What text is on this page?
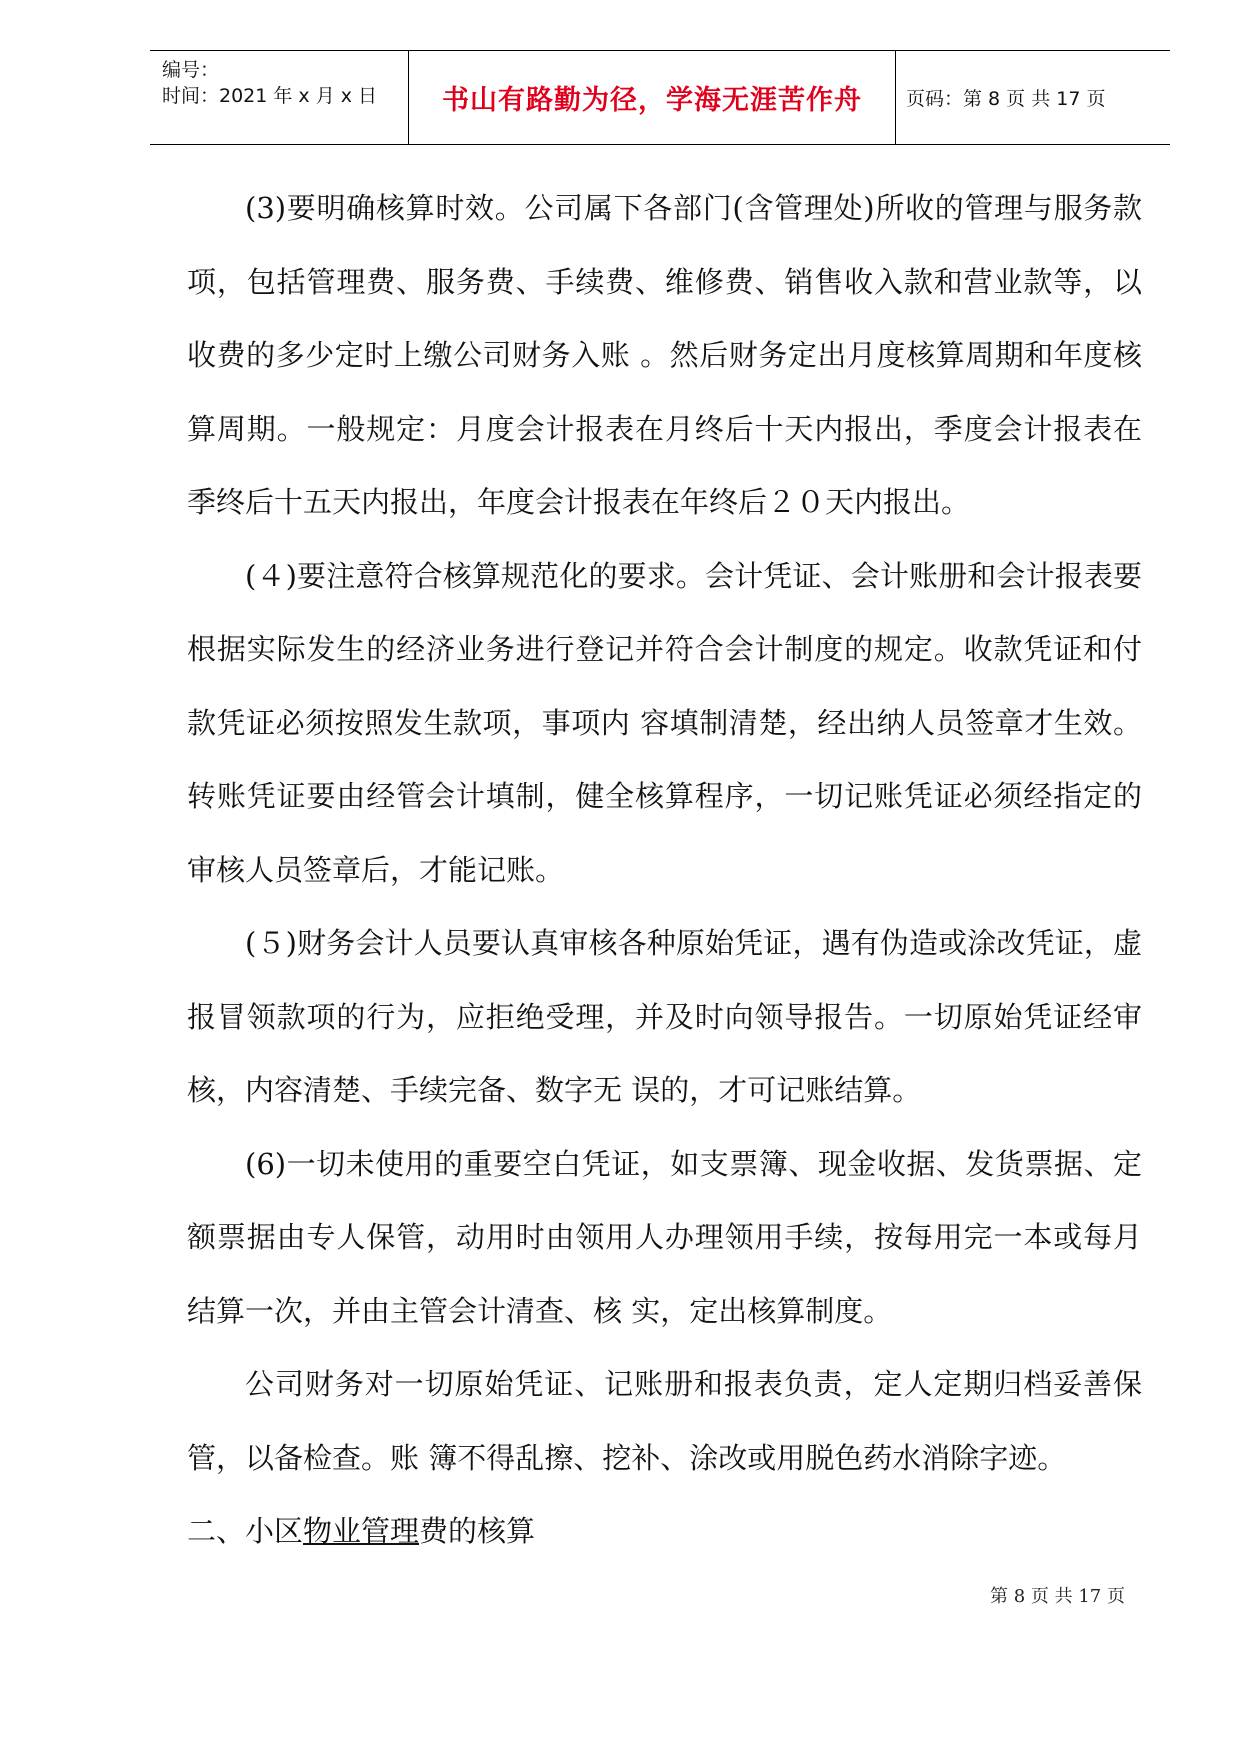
编号：
时间：2021 年 x 月 x 日 书山有路勤为径，学海无涯苦作舟 页码：第 8 页 共 17 页

(3)要明确核算时效。公司属下各部门(含管理处)所收的管理与服务款项，包括管理费、服务费、手续费、维修费、销售收入款和营业款等，以收费的多少定时上缴公司财务入账 。然后财务定出月度核算周期和年度核算周期。一般规定：月度会计报表在月终后十天内报出，季度会计报表在季终后十五天内报出，年度会计报表在年终后２０天内报出。

(４)要注意符合核算规范化的要求。会计凭证、会计账册和会计报表要根据实际发生的经济业务进行登记并符合会计制度的规定。收款凭证和付款凭证必须按照发生款项，事项内 容填制清楚，经出纳人员签章才生效。转账凭证要由经管会计填制，健全核算程序，一切记账凭证必须经指定的审核人员签章后，才能记账。

(５)财务会计人员要认真审核各种原始凭证，遇有伪造或涂改凭证，虚报冒领款项的行为，应拒绝受理，并及时向领导报告。一切原始凭证经审核，内容清楚、手续完备、数字无 误的，才可记账结算。

(6)一切未使用的重要空白凭证，如支票簿、现金收据、发货票据、定额票据由专人保管，动用时由领用人办理领用手续，按每用完一本或每月结算一次，并由主管会计清查、核 实，定出核算制度。

公司财务对一切原始凭证、记账册和报表负责，定人定期归档妥善保管，以备检查。账 簿不得乱擦、挖补、涂改或用脱色药水消除字迹。

二、小区物业管理费的核算

第 8 页 共 17 页
